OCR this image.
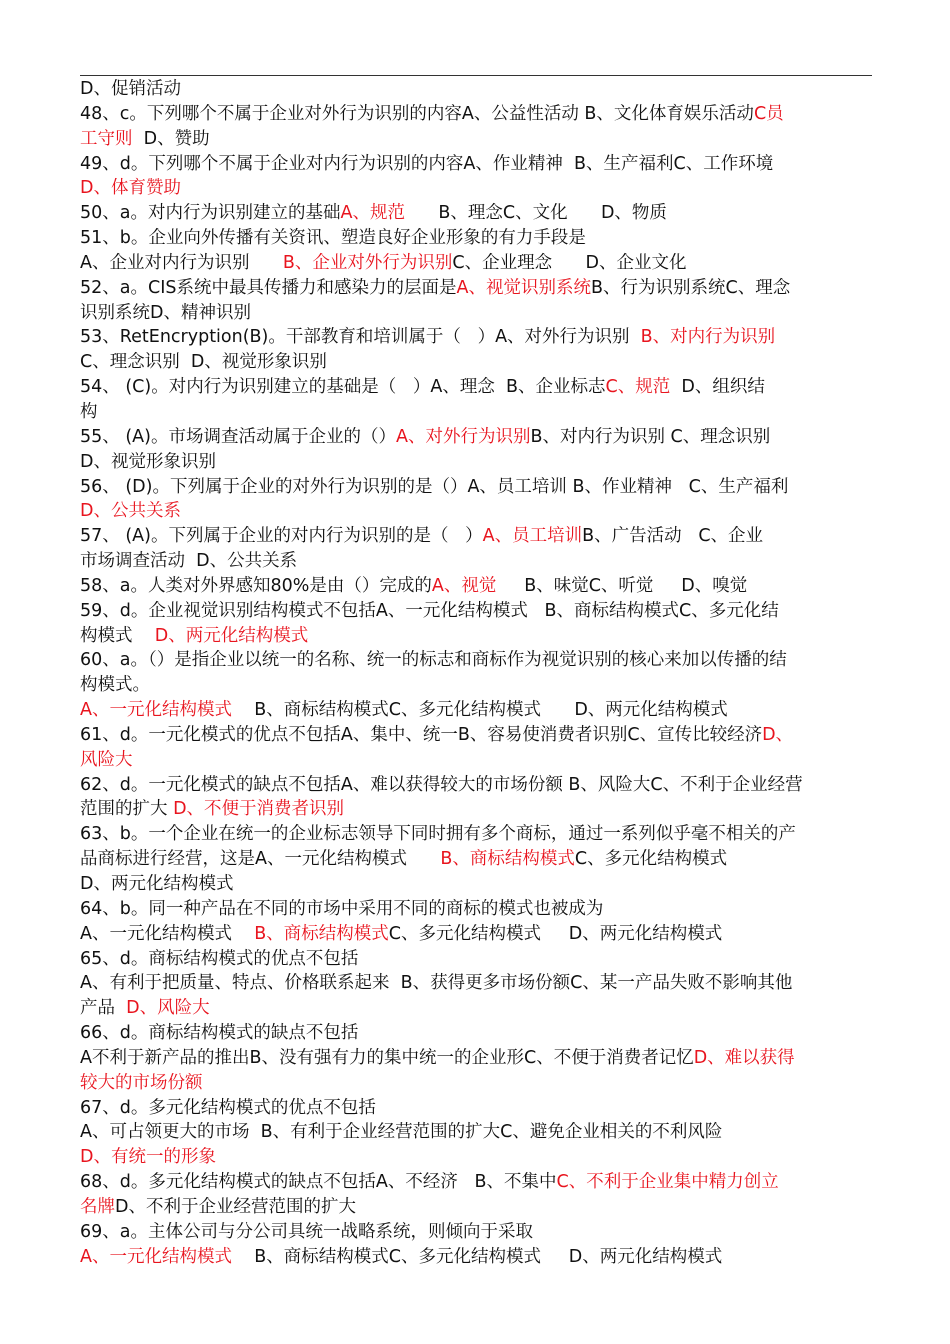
D、促销活动
48、c。下列哪个不属于企业对外行为识别的内容A、公益性活动 B、文化体育娱乐活动C员
工守则  D、赞助
49、d。下列哪个不属于企业对内行为识别的内容A、作业精神  B、生产福利C、工作环境
D、体育赞助
50、a。对内行为识别建立的基础A、规范      B、理念C、文化      D、物质
51、b。企业向外传播有关资讯、塑造良好企业形象的有力手段是
A、企业对内行为识别      B、企业对外行为识别C、企业理念      D、企业文化
52、a。CIS系统中最具传播力和感染力的层面是A、视觉识别系统B、行为识别系统C、理念
识别系统D、精神识别
53、RetEncryption(B)。干部教育和培训属于（   ）A、对外行为识别  B、对内行为识别
C、理念识别  D、视觉形象识别
54、 (C)。对内行为识别建立的基础是（   ）A、理念  B、企业标志C、规范  D、组织结
构
55、 (A)。市场调查活动属于企业的（）A、对外行为识别B、对内行为识别 C、理念识别
D、视觉形象识别
56、 (D)。下列属于企业的对外行为识别的是（）A、员工培训 B、作业精神   C、生产福利
D、公共关系
57、 (A)。下列属于企业的对内行为识别的是（   ）A、员工培训B、广告活动   C、企业
市场调查活动  D、公共关系
58、a。人类对外界感知80%是由（）完成的A、视觉     B、味觉C、听觉     D、嗅觉
59、d。企业视觉识别结构模式不包括A、一元化结构模式   B、商标结构模式C、多元化结
构模式    D、两元化结构模式
60、a。（）是指企业以统一的名称、统一的标志和商标作为视觉识别的核心来加以传播的结
构模式。
A、一元化结构模式    B、商标结构模式C、多元化结构模式      D、两元化结构模式
61、d。一元化模式的优点不包括A、集中、统一B、容易使消费者识别C、宣传比较经济D、
风险大
62、d。一元化模式的缺点不包括A、难以获得较大的市场份额 B、风险大C、不利于企业经营
范围的扩大 D、不便于消费者识别
63、b。一个企业在统一的企业标志领导下同时拥有多个商标，通过一系列似乎毫不相关的产
品商标进行经营，这是A、一元化结构模式      B、商标结构模式C、多元化结构模式
D、两元化结构模式
64、b。同一种产品在不同的市场中采用不同的商标的模式也被成为
A、一元化结构模式    B、商标结构模式C、多元化结构模式     D、两元化结构模式
65、d。商标结构模式的优点不包括
A、有利于把质量、特点、价格联系起来  B、获得更多市场份额C、某一产品失败不影响其他
产品  D、风险大
66、d。商标结构模式的缺点不包括
A不利于新产品的推出B、没有强有力的集中统一的企业形C、不便于消费者记忆D、难以获得
较大的市场份额
67、d。多元化结构模式的优点不包括
A、可占领更大的市场  B、有利于企业经营范围的扩大C、避免企业相关的不利风险
D、有统一的形象
68、d。多元化结构模式的缺点不包括A、不经济   B、不集中C、不利于企业集中精力创立
名牌D、不利于企业经营范围的扩大
69、a。主体公司与分公司具统一战略系统，则倾向于采取
A、一元化结构模式    B、商标结构模式C、多元化结构模式     D、两元化结构模式
